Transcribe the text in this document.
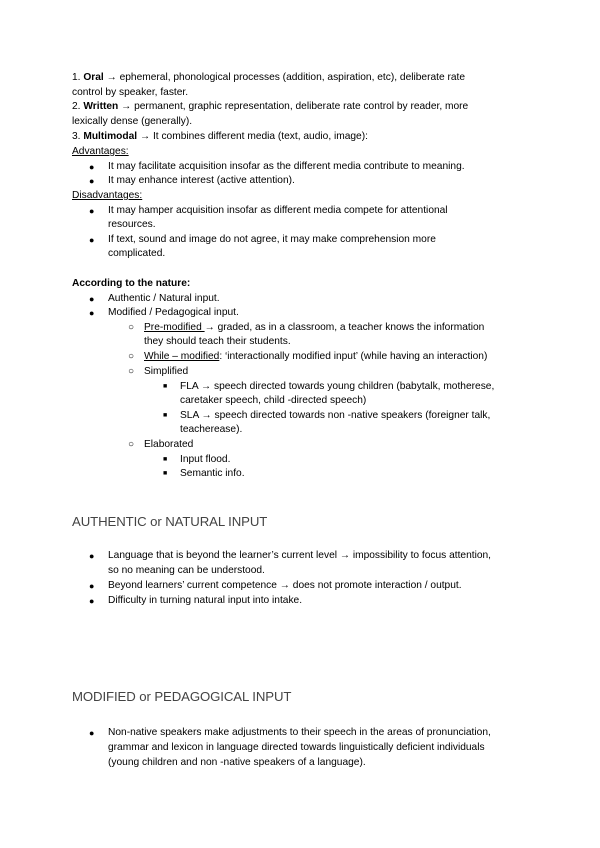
1. Oral → ephemeral, phonological processes (addition, aspiration, etc), deliberate rate
control by speaker, faster.
2. Written → permanent, graphic representation, deliberate rate control by reader, more
lexically dense (generally).
3. Multimodal → It combines different media (text, audio, image):
Advantages:
● It may facilitate acquisition insofar as the different media contribute to meaning.
● It may enhance interest (active attention).
Disadvantages:
● It may hamper acquisition insofar as different media compete for attentional
resources.
● If text, sound and image do not agree, it may make comprehension more
complicated.
According to the nature:
● Authentic / Natural input.
● Modified / Pedagogical input.
○ Pre-modified → graded, as in a classroom, a teacher knows the information
they should teach their students.
○ While – modified: ‘interactionally modified input’ (while having an interaction)
○ Simplified
■ FLA → speech directed towards young children (babytalk, motherese,
caretaker speech, child -directed speech)
■ SLA → speech directed towards non -native speakers (foreigner talk,
teacherease).
○ Elaborated
■ Input flood.
■ Semantic info.
AUTHENTIC or NATURAL INPUT
● Language that is beyond the learner’s current level → impossibility to focus attention,
so no meaning can be understood.
● Beyond learners’ current competence → does not promote interaction / output.
● Difficulty in turning natural input into intake.
MODIFIED or PEDAGOGICAL INPUT
● Non-native speakers make adjustments to their speech in the areas of pronunciation,
grammar and lexicon in language directed towards linguistically deficient individuals
(young children and non -native speakers of a language).
